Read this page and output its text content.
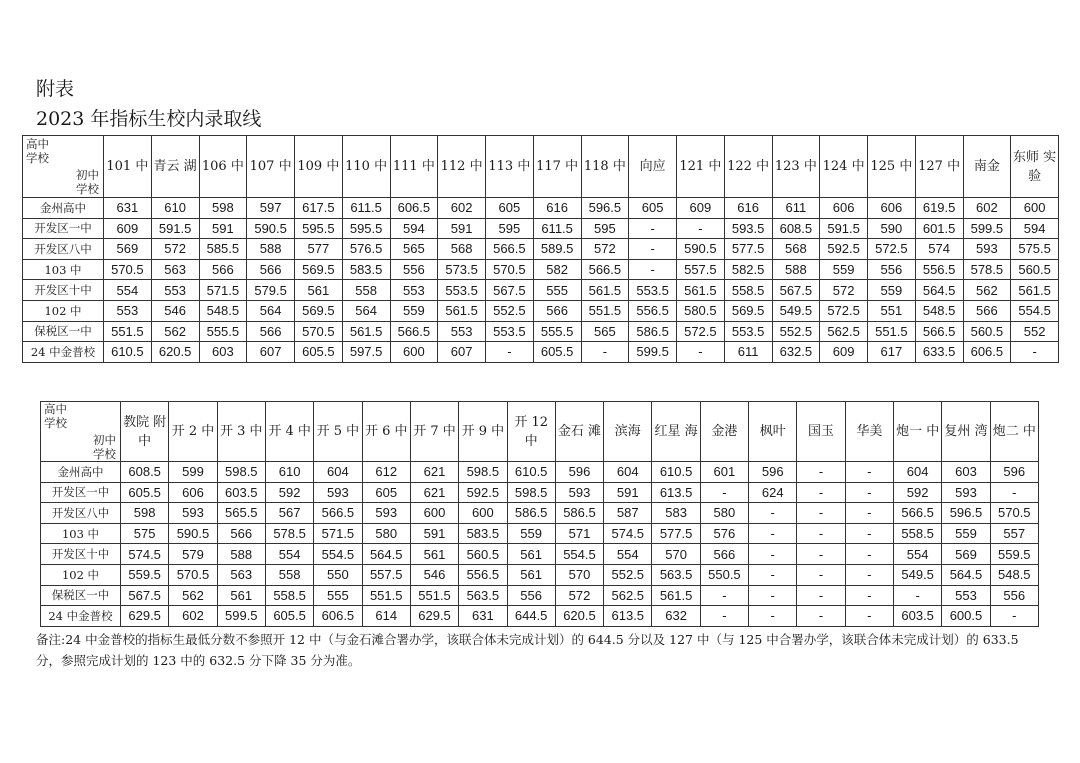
附表
2023 年指标生校内录取线
初中
学校
高中
学校	101 中	青云 湖	106 中	107 中	109 中	110 中	111 中	112 中	113 中	117 中	118 中	向应	121 中	122 中	123 中	124 中	125 中	127 中	南金	东师 实验
金州高中	631	610	598	597	617.5	611.5	606.5	602	605	616	596.5	605	609	616	611	606	606	619.5	602	600
开发区一中	609	591.5	591	590.5	595.5	595.5	594	591	595	611.5	595	-	-	593.5	608.5	591.5	590	601.5	599.5	594
开发区八中	569	572	585.5	588	577	576.5	565	568	566.5	589.5	572	-	590.5	577.5	568	592.5	572.5	574	593	575.5
103 中	570.5	563	566	566	569.5	583.5	556	573.5	570.5	582	566.5	-	557.5	582.5	588	559	556	556.5	578.5	560.5
开发区十中	554	553	571.5	579.5	561	558	553	553.5	567.5	555	561.5	553.5	561.5	558.5	567.5	572	559	564.5	562	561.5
102 中	553	546	548.5	564	569.5	564	559	561.5	552.5	566	551.5	556.5	580.5	569.5	549.5	572.5	551	548.5	566	554.5
保税区一中	551.5	562	555.5	566	570.5	561.5	566.5	553	553.5	555.5	565	586.5	572.5	553.5	552.5	562.5	551.5	566.5	560.5	552
24 中金普校	610.5	620.5	603	607	605.5	597.5	600	607	-	605.5	-	599.5	-	611	632.5	609	617	633.5	606.5	-
初中
学校
高中
学校	教院 附中	开 2 中	开 3 中	开 4 中	开 5 中	开 6 中	开 7 中	开 9 中	开 12 中	金石 滩	滨海	红星 海	金港	枫叶	国玉	华美	炮一 中	复州 湾	炮二 中
金州高中	608.5	599	598.5	610	604	612	621	598.5	610.5	596	604	610.5	601	596	-	-	604	603	596
开发区一中	605.5	606	603.5	592	593	605	621	592.5	598.5	593	591	613.5	-	624	-	-	592	593	-
开发区八中	598	593	565.5	567	566.5	593	600	600	586.5	586.5	587	583	580	-	-	-	566.5	596.5	570.5
103 中	575	590.5	566	578.5	571.5	580	591	583.5	559	571	574.5	577.5	576	-	-	-	558.5	559	557
开发区十中	574.5	579	588	554	554.5	564.5	561	560.5	561	554.5	554	570	566	-	-	-	554	569	559.5
102 中	559.5	570.5	563	558	550	557.5	546	556.5	561	570	552.5	563.5	550.5	-	-	-	549.5	564.5	548.5
保税区一中	567.5	562	561	558.5	555	551.5	551.5	563.5	556	572	562.5	561.5	-	-	-	-	-	553	556
24 中金普校	629.5	602	599.5	605.5	606.5	614	629.5	631	644.5	620.5	613.5	632	-	-	-	-	603.5	600.5	-
备注:24 中金普校的指标生最低分数不参照开 12 中（与金石滩合署办学，该联合体未完成计划）的 644.5 分以及 127 中（与 125 中合署办学，该联合体未完成计划）的 633.5 分，参照完成计划的 123 中的 632.5 分下降 35 分为准。
